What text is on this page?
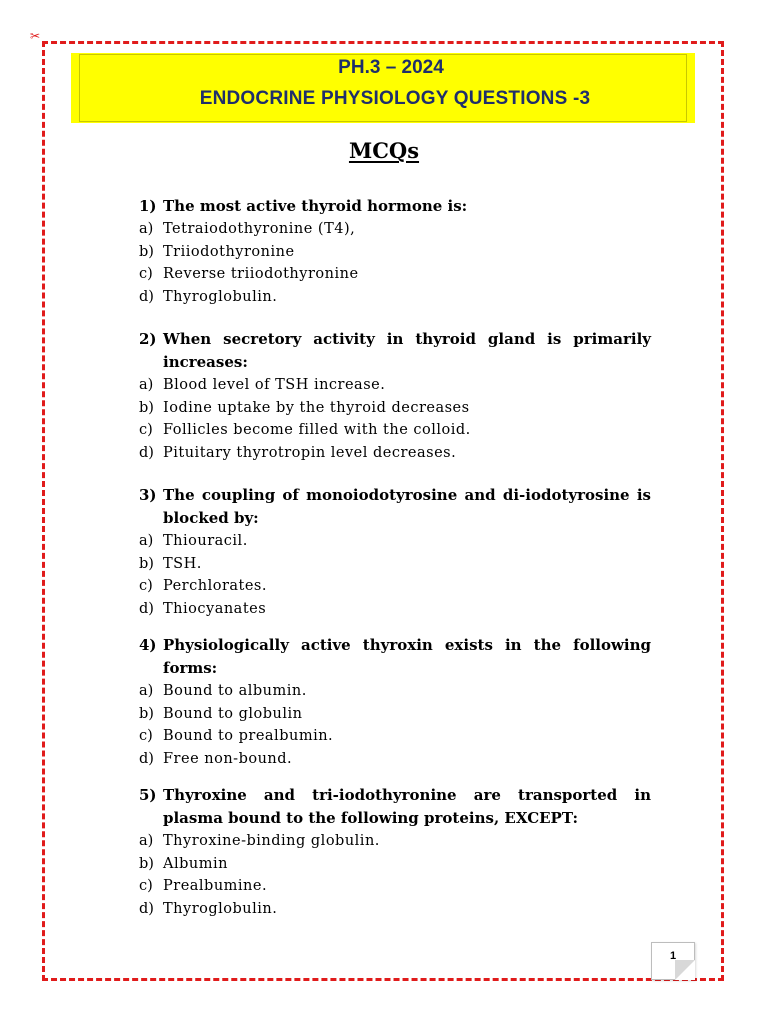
✂
PH.3 – 2024
ENDOCRINE PHYSIOLOGY QUESTIONS -3
MCQs
1) The most active thyroid hormone is:
a) Tetraiodothyronine (T4),
b) Triiodothyronine
c) Reverse triiodothyronine
d) Thyroglobulin.
2) When secretory activity in thyroid gland is primarily increases:
a) Blood level of TSH increase.
b) Iodine uptake by the thyroid decreases
c) Follicles become filled with the colloid.
d) Pituitary thyrotropin level decreases.
3) The coupling of monoiodotyrosine and di-iodotyrosine is blocked by:
a) Thiouracil.
b) TSH.
c) Perchlorates.
d) Thiocyanates
4) Physiologically active thyroxin exists in the following forms:
a) Bound to albumin.
b) Bound to globulin
c) Bound to prealbumin.
d) Free non-bound.
5) Thyroxine and tri-iodothyronine are transported in plasma bound to the following proteins, EXCEPT:
a) Thyroxine-binding globulin.
b) Albumin
c) Prealbumine.
d) Thyroglobulin.
1
